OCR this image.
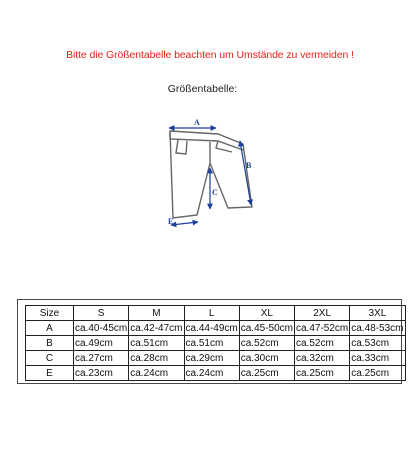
Bitte die Größentabelle beachten um Umstände zu vermeiden !
Größentabelle:
A
B
C
E
Size	S	M	L	XL	2XL	3XL
A	ca.40-45cm	ca.42-47cm	ca.44-49cm	ca.45-50cm	ca.47-52cm	ca.48-53cm
B	ca.49cm	ca.51cm	ca.51cm	ca.52cm	ca.52cm	ca.53cm
C	ca.27cm	ca.28cm	ca.29cm	ca.30cm	ca.32cm	ca.33cm
E	ca.23cm	ca.24cm	ca.24cm	ca.25cm	ca.25cm	ca.25cm
